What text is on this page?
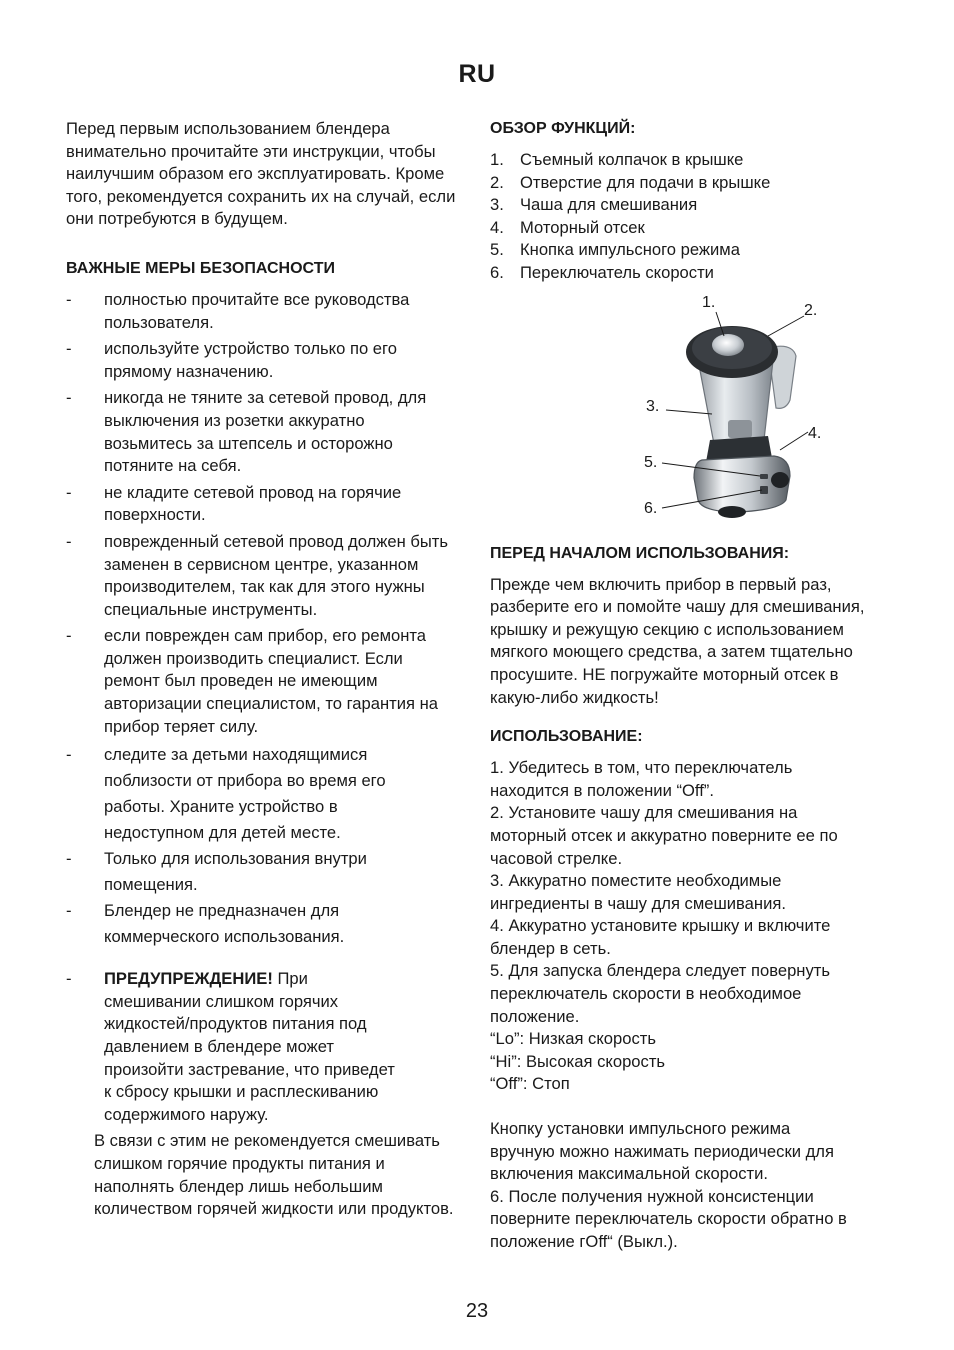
RU

Перед первым использованием блендера внимательно прочитайте эти инструкции, чтобы наилучшим образом его эксплуатировать. Кроме того, рекомендуется сохранить их на случай, если они потребуются в будущем.

ВАЖНЫЕ МЕРЫ БЕЗОПАСНОСТИ
- полностью прочитайте все руководства пользователя.
- используйте устройство только по его прямому назначению.
- никогда не тяните за сетевой провод, для выключения из розетки аккуратно возьмитесь за штепсель и осторожно потяните на себя.
- не кладите сетевой провод на горячие поверхности.
- поврежденный сетевой провод должен быть заменен в сервисном центре, указанном производителем, так как для этого нужны специальные инструменты.
- если поврежден сам прибор, его ремонта должен производить специалист. Если ремонт был проведен не имеющим авторизации специалистом, то гарантия на прибор теряет силу.
- следите за детьми находящимися поблизости от прибора во время его работы. Храните устройство в недоступном для детей месте.
- Только для использования внутри помещения.
- Блендер не предназначен для коммерческого использования.
- ПРЕДУПРЕЖДЕНИЕ! При смешивании слишком горячих жидкостей/продуктов питания под давлением в блендере может произойти застревание, что приведет к сбросу крышки и расплескиванию содержимого наружу.

В связи с этим не рекомендуется смешивать слишком горячие продукты питания и наполнять блендер лишь небольшим количеством горячей жидкости или продуктов.

ОБЗОР ФУНКЦИЙ:
1. Съемный колпачок в крышке
2. Отверстие для подачи в крышке
3. Чаша для смешивания
4. Моторный отсек
5. Кнопка импульсного режима
6. Переключатель скорости
ПЕРЕД НАЧАЛОМ ИСПОЛЬЗОВАНИЯ:

Прежде чем включить прибор в первый раз, разберите его и помойте чашу для смешивания, крышку и режущую секцию с использованием мягкого моющего средства, а затем тщательно просушите. НЕ погружайте моторный отсек в какую-либо жидкость!

ИСПОЛЬЗОВАНИЕ:
1. Убедитесь в том, что переключатель находится в положении “Off”.
2. Установите чашу для смешивания на моторный отсек и аккуратно поверните ее по часовой стрелке.
3. Аккуратно поместите необходимые ингредиенты в чашу для смешивания.
4. Аккуратно установите крышку и включите блендер в сеть.
5. Для запуска блендера следует повернуть переключатель скорости в необходимое положение.
“Lo”: Низкая скорость
“Hi”: Высокая скорость
“Off”: Стоп

Кнопку установки импульсного режима вручную можно нажимать периодически для включения максимальной скорости.

6. После получения нужной консистенции поверните переключатель скорости обратно в положение гOff“ (Выкл.).

1.	2.
3.
4.
5.
6.
23
